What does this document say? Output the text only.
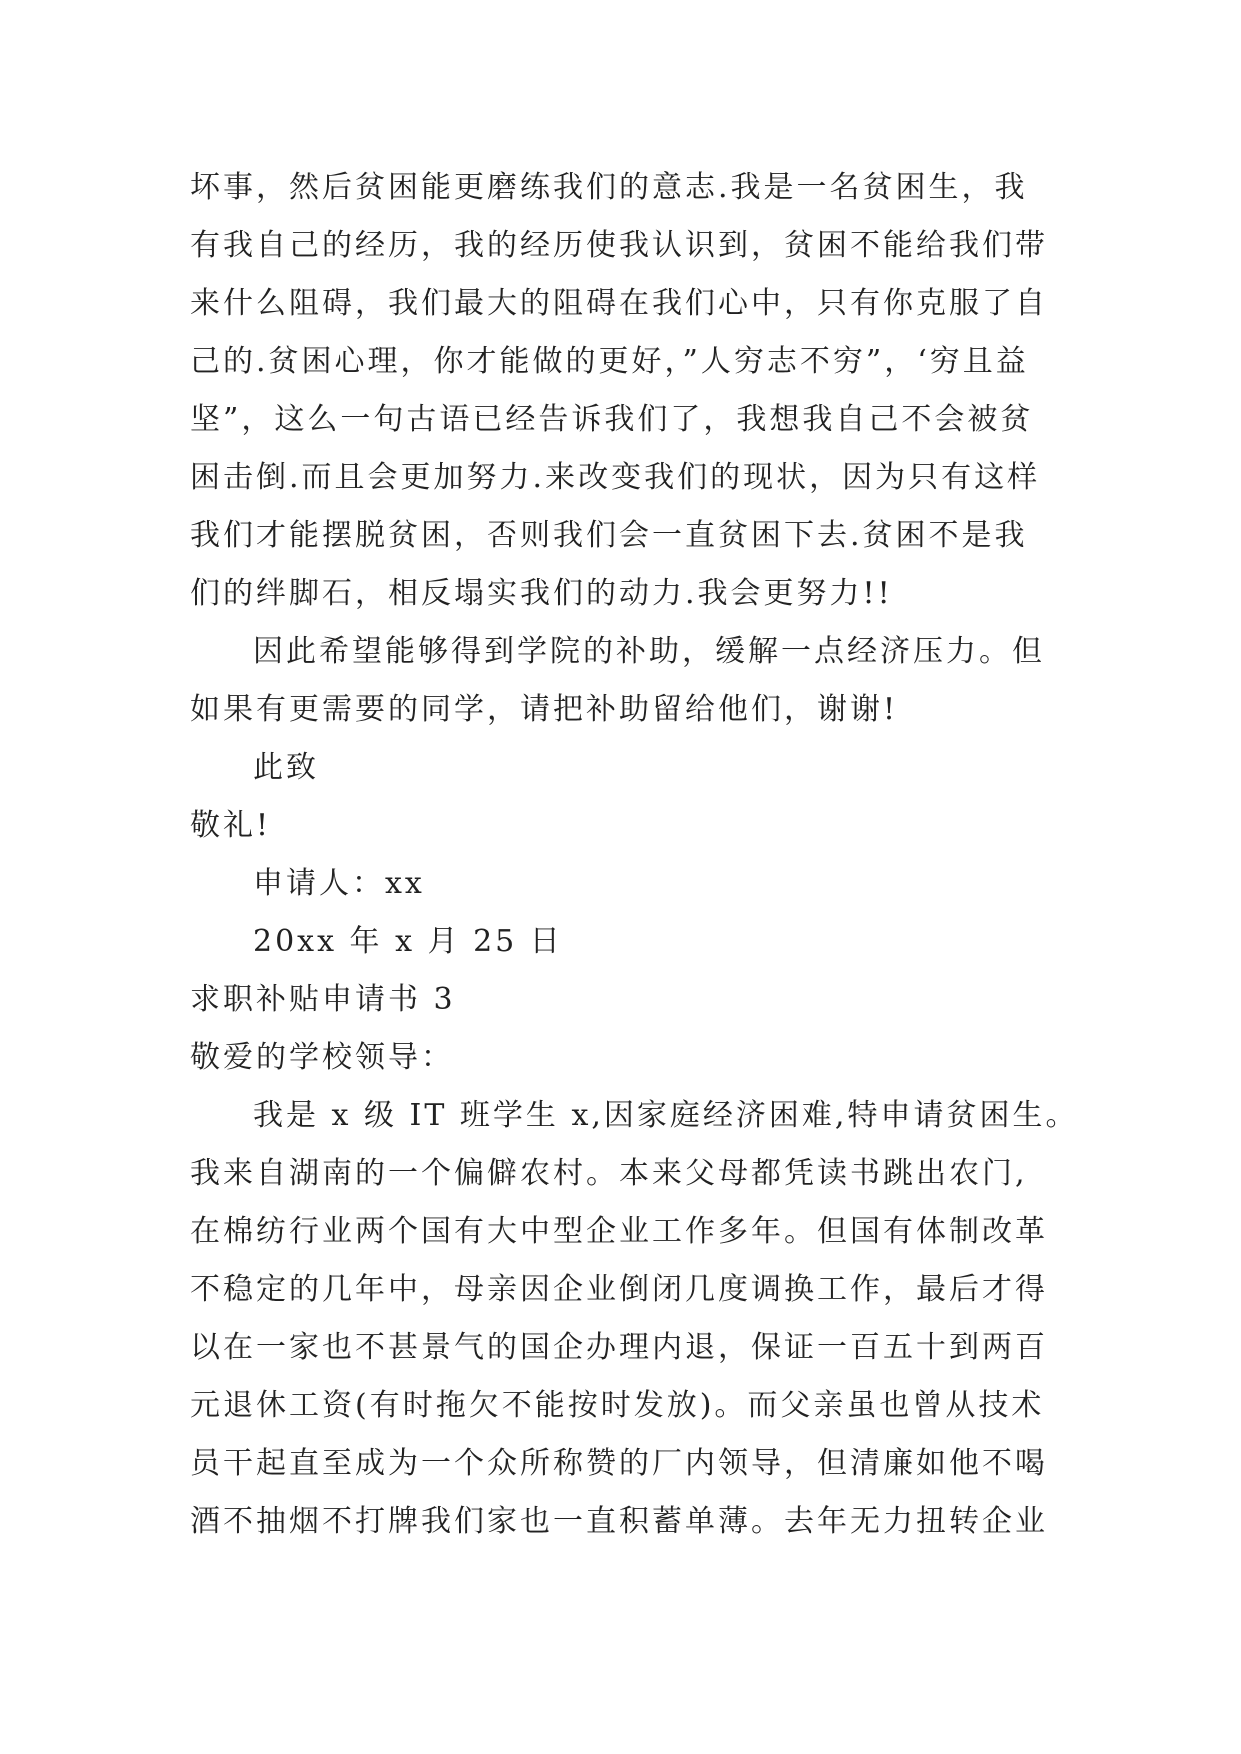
坏事，然后贫困能更磨练我们的意志.我是一名贫困生，我
有我自己的经历，我的经历使我认识到，贫困不能给我们带
来什么阻碍，我们最大的阻碍在我们心中，只有你克服了自
己的.贫困心理，你才能做的更好，”人穷志不穷”，‘穷且益
坚”，这么一句古语已经告诉我们了，我想我自己不会被贫
困击倒.而且会更加努力.来改变我们的现状，因为只有这样
我们才能摆脱贫困，否则我们会一直贫困下去.贫困不是我
们的绊脚石，相反塌实我们的动力.我会更努力!!
因此希望能够得到学院的补助，缓解一点经济压力。但
如果有更需要的同学，请把补助留给他们，谢谢!
此致
敬礼!
申请人：xx
20xx 年 x 月 25 日
求职补贴申请书 3
敬爱的学校领导：
我是 x 级 IT 班学生 x,因家庭经济困难,特申请贫困生。
我来自湖南的一个偏僻农村。本来父母都凭读书跳出农门,
在棉纺行业两个国有大中型企业工作多年。但国有体制改革
不稳定的几年中，母亲因企业倒闭几度调换工作，最后才得
以在一家也不甚景气的国企办理内退，保证一百五十到两百
元退休工资(有时拖欠不能按时发放)。而父亲虽也曾从技术
员干起直至成为一个众所称赞的厂内领导，但清廉如他不喝
酒不抽烟不打牌我们家也一直积蓄单薄。去年无力扭转企业
